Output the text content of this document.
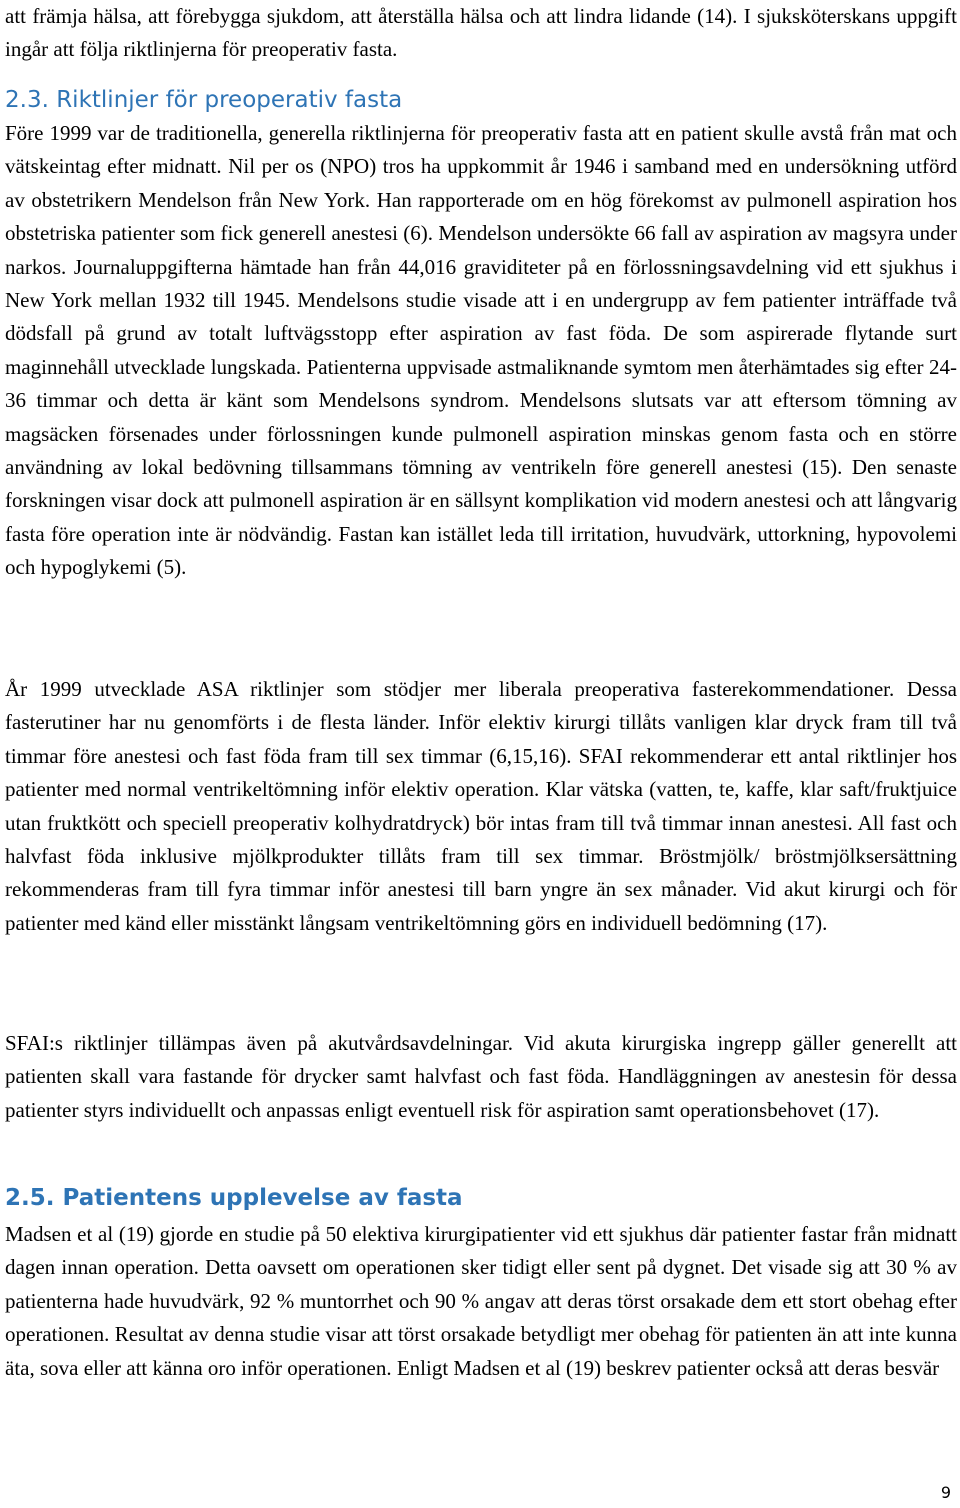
att främja hälsa, att förebygga sjukdom, att återställa hälsa och att lindra lidande (14). I sjuksköterskans uppgift ingår att följa riktlinjerna för preoperativ fasta.

2.3. Riktlinjer för preoperativ fasta

Före 1999 var de traditionella, generella riktlinjerna för preoperativ fasta att en patient skulle avstå från mat och vätskeintag efter midnatt. Nil per os (NPO) tros ha uppkommit år 1946 i samband med en undersökning utförd av obstetrikern Mendelson från New York. Han rapporterade om en hög förekomst av pulmonell aspiration hos obstetriska patienter som fick generell anestesi (6). Mendelson undersökte 66 fall av aspiration av magsyra under narkos. Journaluppgifterna hämtade han från 44,016 graviditeter på en förlossningsavdelning vid ett sjukhus i New York mellan 1932 till 1945. Mendelsons studie visade att i en undergrupp av fem patienter inträffade två dödsfall på grund av totalt luftvägsstopp efter aspiration av fast föda. De som aspirerade flytande surt maginnehåll utvecklade lungskada. Patienterna uppvisade astmaliknande symtom men återhämtades sig efter 24- 36 timmar och detta är känt som Mendelsons syndrom. Mendelsons slutsats var att eftersom tömning av magsäcken försenades under förlossningen kunde pulmonell aspiration minskas genom fasta och en större användning av lokal bedövning tillsammans tömning av ventrikeln före generell anestesi (15). Den senaste forskningen visar dock att pulmonell aspiration är en sällsynt komplikation vid modern anestesi och att långvarig fasta före operation inte är nödvändig. Fastan kan istället leda till irritation, huvudvärk, uttorkning, hypovolemi och hypoglykemi (5).

År 1999 utvecklade ASA riktlinjer som stödjer mer liberala preoperativa fasterekommendationer. Dessa fasterutiner har nu genomförts i de flesta länder. Inför elektiv kirurgi tillåts vanligen klar dryck fram till två timmar före anestesi och fast föda fram till sex timmar (6,15,16). SFAI rekommenderar ett antal riktlinjer hos patienter med normal ventrikeltömning inför elektiv operation. Klar vätska (vatten, te, kaffe, klar saft/fruktjuice utan fruktkött och speciell preoperativ kolhydratdryck) bör intas fram till två timmar innan anestesi. All fast och halvfast föda inklusive mjölkprodukter tillåts fram till sex timmar. Bröstmjölk/ bröstmjölksersättning rekommenderas fram till fyra timmar inför anestesi till barn yngre än sex månader. Vid akut kirurgi och för patienter med känd eller misstänkt långsam ventrikeltömning görs en individuell bedömning (17).

SFAI:s riktlinjer tillämpas även på akutvårdsavdelningar. Vid akuta kirurgiska ingrepp gäller generellt att patienten skall vara fastande för drycker samt halvfast och fast föda. Handläggningen av anestesin för dessa patienter styrs individuellt och anpassas enligt eventuell risk för aspiration samt operationsbehovet (17).

2.5. Patientens upplevelse av fasta

Madsen et al (19) gjorde en studie på 50 elektiva kirurgipatienter vid ett sjukhus där patienter fastar från midnatt dagen innan operation. Detta oavsett om operationen sker tidigt eller sent på dygnet. Det visade sig att 30 % av patienterna hade huvudvärk, 92 % muntorrhet och 90 % angav att deras törst orsakade dem ett stort obehag efter operationen. Resultat av denna studie visar att törst orsakade betydligt mer obehag för patienten än att inte kunna äta, sova eller att känna oro inför operationen. Enligt Madsen et al (19) beskrev patienter också att deras besvär

9
